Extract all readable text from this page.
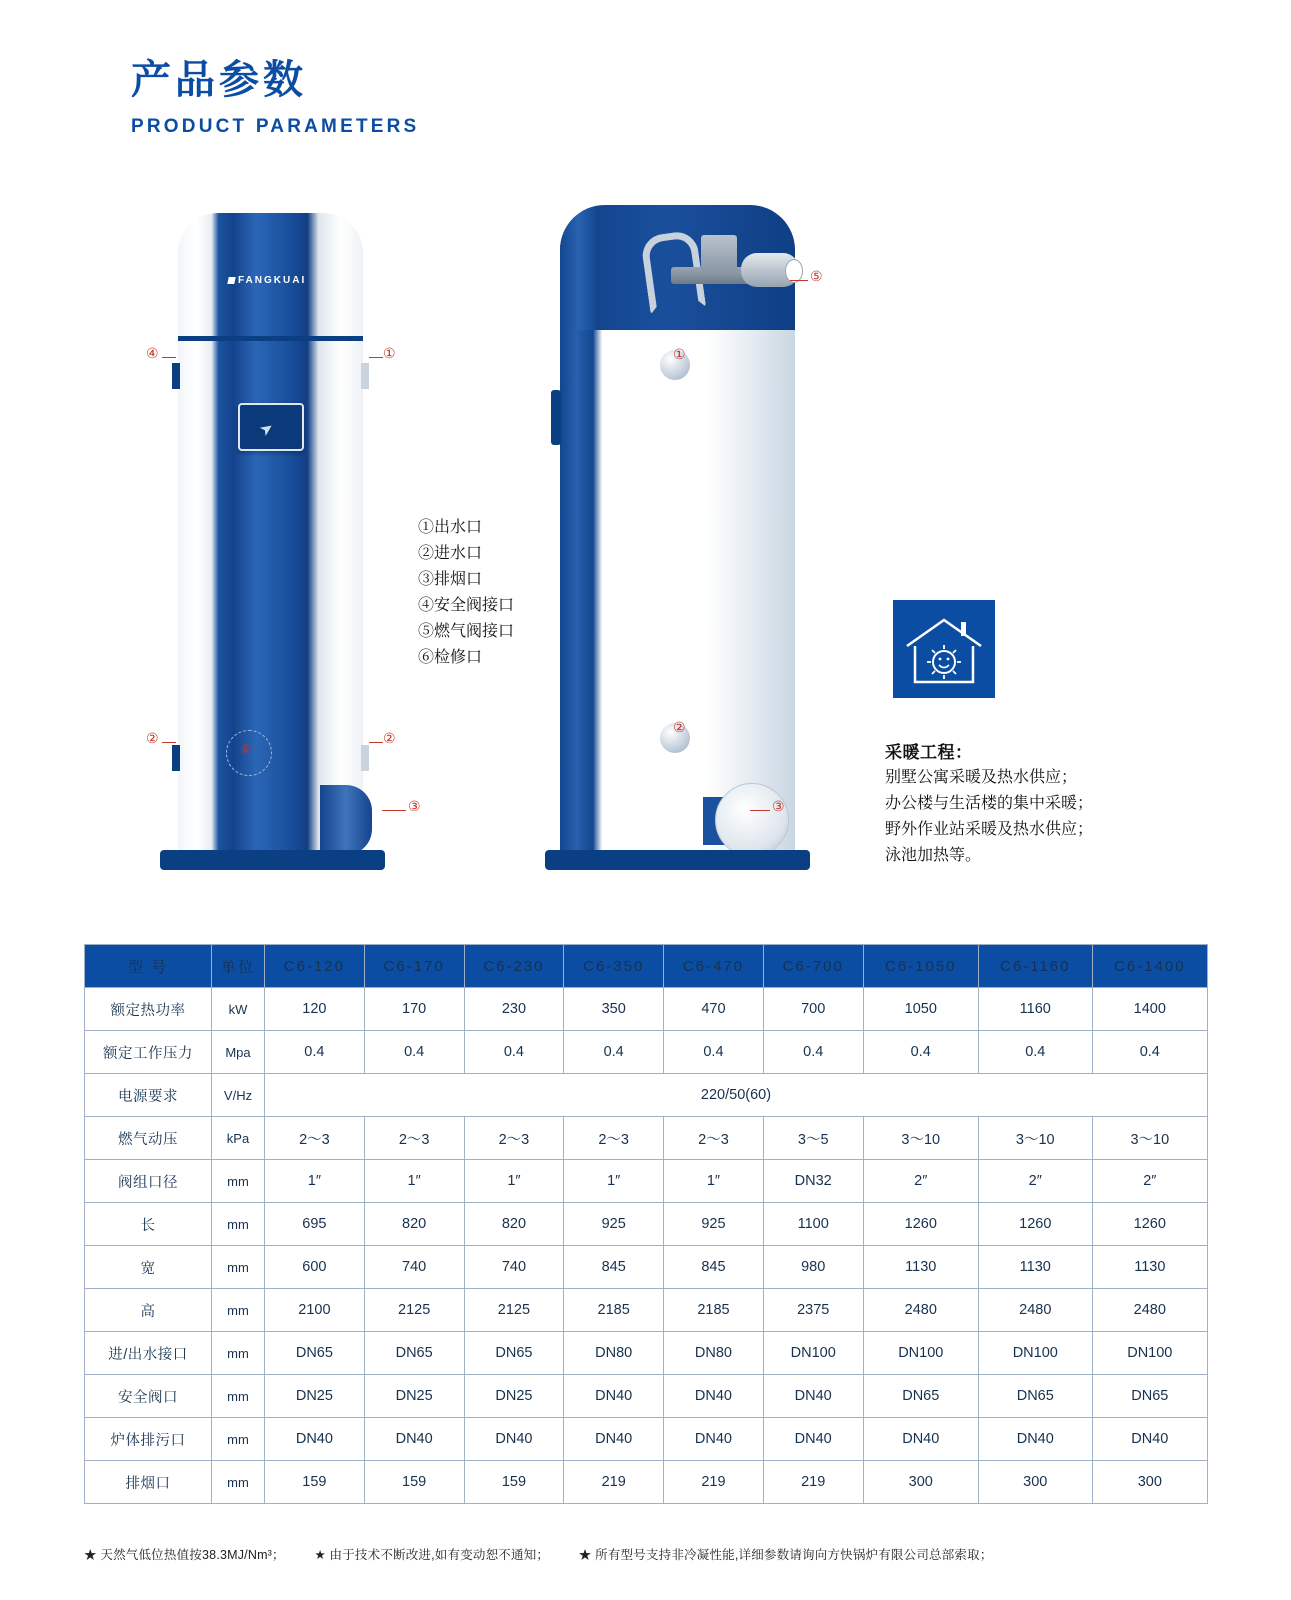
产品参数
PRODUCT PARAMETERS
FANGKUAI
➤
⑥
④	①
②	②
③
①出水口
②进水口
③排烟口
④安全阀接口
⑤燃气阀接口
⑥检修口
⑤
①
②
③
采暖工程：
别墅公寓采暖及热水供应；
办公楼与生活楼的集中采暖；
野外作业站采暖及热水供应；
泳池加热等。
型 号	单位	C6-120	C6-170	C6-230	C6-350	C6-470	C6-700	C6-1050	C6-1160	C6-1400
额定热功率	kW	120	170	230	350	470	700	1050	1160	1400
额定工作压力	Mpa	0.4	0.4	0.4	0.4	0.4	0.4	0.4	0.4	0.4
电源要求	V/Hz	220/50(60)								
燃气动压	kPa	2～3	2～3	2～3	2～3	2～3	3～5	3～10	3～10	3～10
阀组口径	mm	1″	1″	1″	1″	1″	DN32	2″	2″	2″
长	mm	695	820	820	925	925	1100	1260	1260	1260
宽	mm	600	740	740	845	845	980	1130	1130	1130
高	mm	2100	2125	2125	2185	2185	2375	2480	2480	2480
进/出水接口	mm	DN65	DN65	DN65	DN80	DN80	DN100	DN100	DN100	DN100
安全阀口	mm	DN25	DN25	DN25	DN40	DN40	DN40	DN65	DN65	DN65
炉体排污口	mm	DN40	DN40	DN40	DN40	DN40	DN40	DN40	DN40	DN40
排烟口	mm	159	159	159	219	219	219	300	300	300
★ 天然气低位热值按38.3MJ/Nm³； ★ 由于技术不断改进,如有变动恕不通知； ★ 所有型号支持非冷凝性能,详细参数请询向方快锅炉有限公司总部索取；
